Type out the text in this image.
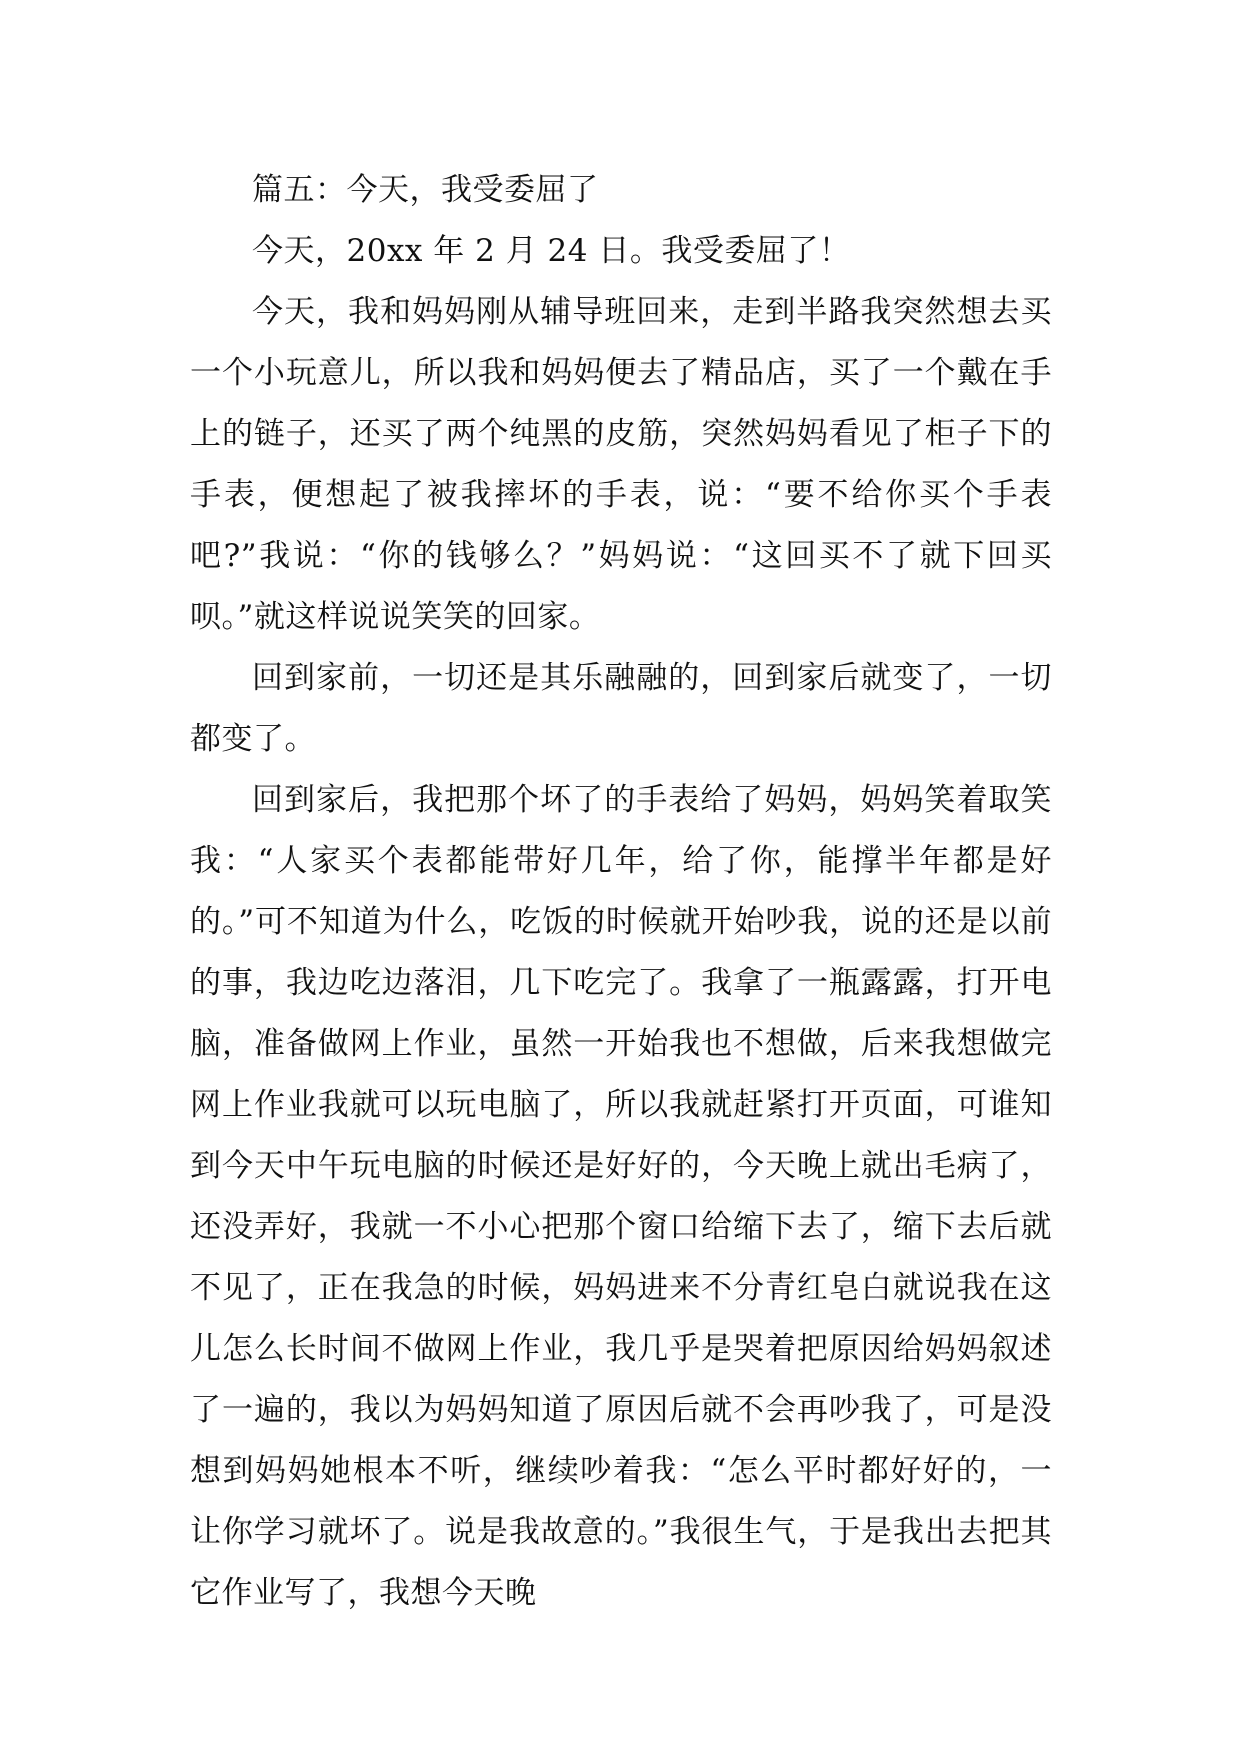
篇五：今天，我受委屈了

今天，20xx 年 2 月 24 日。我受委屈了！

今天，我和妈妈刚从辅导班回来，走到半路我突然想去买一个小玩意儿，所以我和妈妈便去了精品店，买了一个戴在手上的链子，还买了两个纯黑的皮筋，突然妈妈看见了柜子下的手表，便想起了被我摔坏的手表，说：“要不给你买个手表吧?”我说：“你的钱够么？”妈妈说：“这回买不了就下回买呗。”就这样说说笑笑的回家。

回到家前，一切还是其乐融融的，回到家后就变了，一切都变了。

回到家后，我把那个坏了的手表给了妈妈，妈妈笑着取笑我：“人家买个表都能带好几年，给了你，能撑半年都是好的。”可不知道为什么，吃饭的时候就开始吵我，说的还是以前的事，我边吃边落泪，几下吃完了。我拿了一瓶露露，打开电脑，准备做网上作业，虽然一开始我也不想做，后来我想做完网上作业我就可以玩电脑了，所以我就赶紧打开页面，可谁知到今天中午玩电脑的时候还是好好的，今天晚上就出毛病了，还没弄好，我就一不小心把那个窗口给缩下去了，缩下去后就不见了，正在我急的时候，妈妈进来不分青红皂白就说我在这儿怎么长时间不做网上作业，我几乎是哭着把原因给妈妈叙述了一遍的，我以为妈妈知道了原因后就不会再吵我了，可是没想到妈妈她根本不听，继续吵着我：“怎么平时都好好的，一让你学习就坏了。说是我故意的。”我很生气，于是我出去把其它作业写了，我想今天晚
